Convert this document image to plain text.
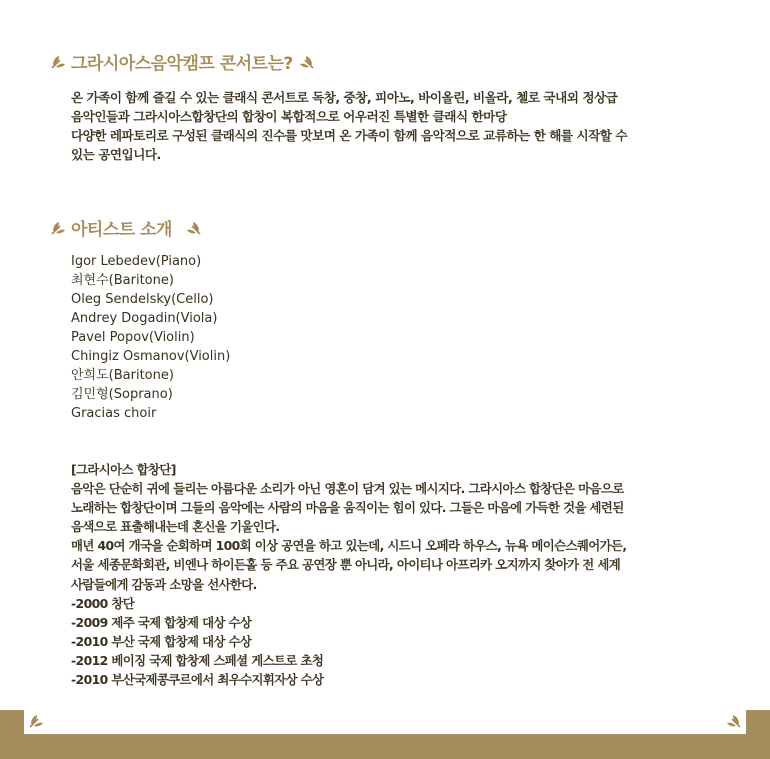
그라시아스음악캠프 콘서트는?
온 가족이 함께 즐길 수 있는 클래식 콘서트로 독창, 중창, 피아노, 바이올린, 비올라, 첼로 국내외 정상급
음악인들과 그라시아스합창단의 합창이 복합적으로 어우러진 특별한 클래식 한마당
다양한 레파토리로 구성된 클래식의 진수를 맛보며 온 가족이 함께 음악적으로 교류하는 한 해를 시작할 수
있는 공연입니다.
아티스트 소개
Igor Lebedev(Piano)
최현수(Baritone)
Oleg Sendelsky(Cello)
Andrey Dogadin(Viola)
Pavel Popov(Violin)
Chingiz Osmanov(Violin)
안희도(Baritone)
김민형(Soprano)
Gracias choir
[그라시아스 합창단]
음악은 단순히 귀에 들리는 아름다운 소리가 아닌 영혼이 담겨 있는 메시지다. 그라시아스 합창단은 마음으로
노래하는 합창단이며 그들의 음악에는 사람의 마음을 움직이는 힘이 있다. 그들은 마음에 가득한 것을 세련된
음색으로 표출해내는데 혼신을 기울인다.
매년 40여 개국을 순회하며 100회 이상 공연을 하고 있는데, 시드니 오페라 하우스, 뉴욕 메이슨스퀘어가든,
서울 세종문화회관, 비엔나 하이든홀 등 주요 공연장 뿐 아니라, 아이티나 아프리카 오지까지 찾아가 전 세계
사람들에게 감동과 소망을 선사한다.
-2000 창단
-2009 제주 국제 합창제 대상 수상
-2010 부산 국제 합창제 대상 수상
-2012 베이징 국제 합창제 스페셜 게스트로 초청
-2010 부산국제콩쿠르에서 최우수지휘자상 수상
